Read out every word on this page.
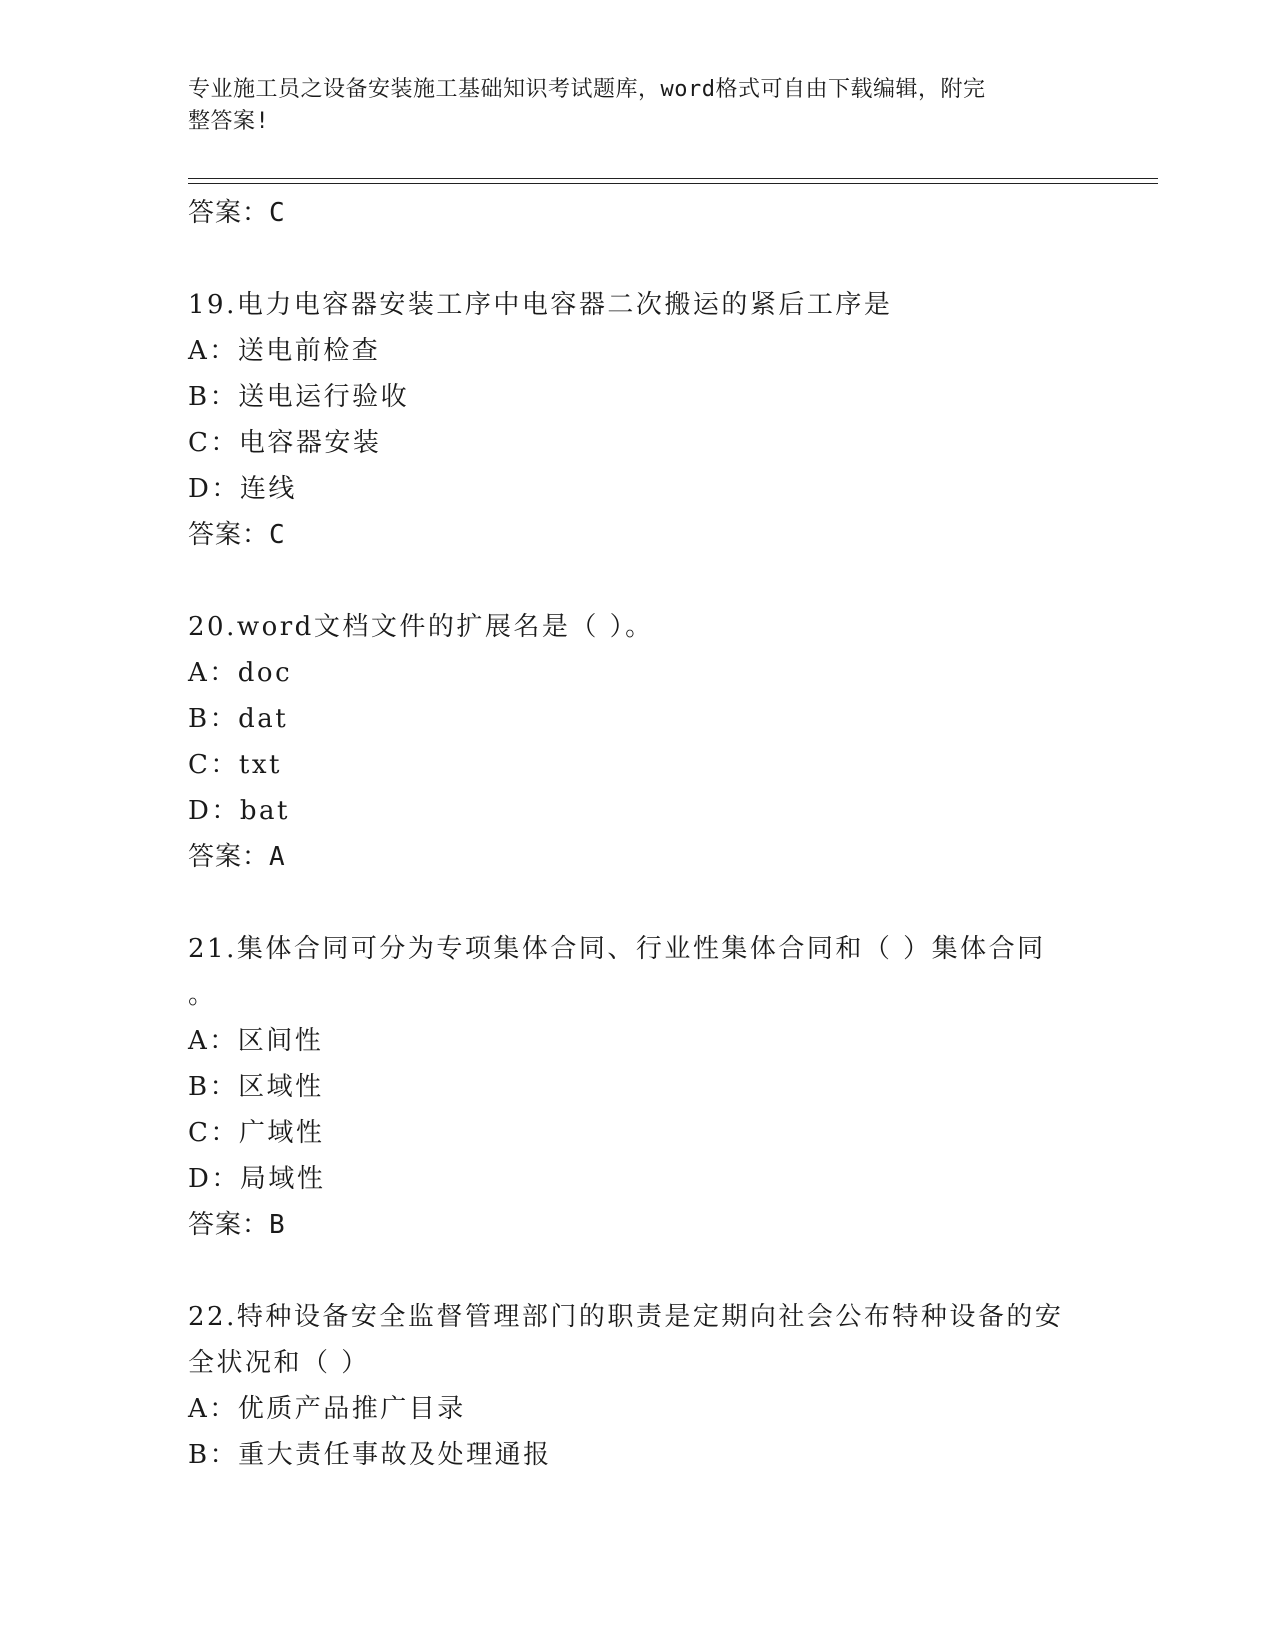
专业施工员之设备安装施工基础知识考试题库，word格式可自由下载编辑，附完
整答案!
答案：C
19.电力电容器安装工序中电容器二次搬运的紧后工序是
A：送电前检查
B：送电运行验收
C：电容器安装
D：连线
答案：C
20.word文档文件的扩展名是（ ）。
A：doc
B：dat
C：txt
D：bat
答案：A
21.集体合同可分为专项集体合同、行业性集体合同和（ ）集体合同
。
A：区间性
B：区域性
C：广域性
D：局域性
答案：B
22.特种设备安全监督管理部门的职责是定期向社会公布特种设备的安
全状况和（ ）
A：优质产品推广目录
B：重大责任事故及处理通报
